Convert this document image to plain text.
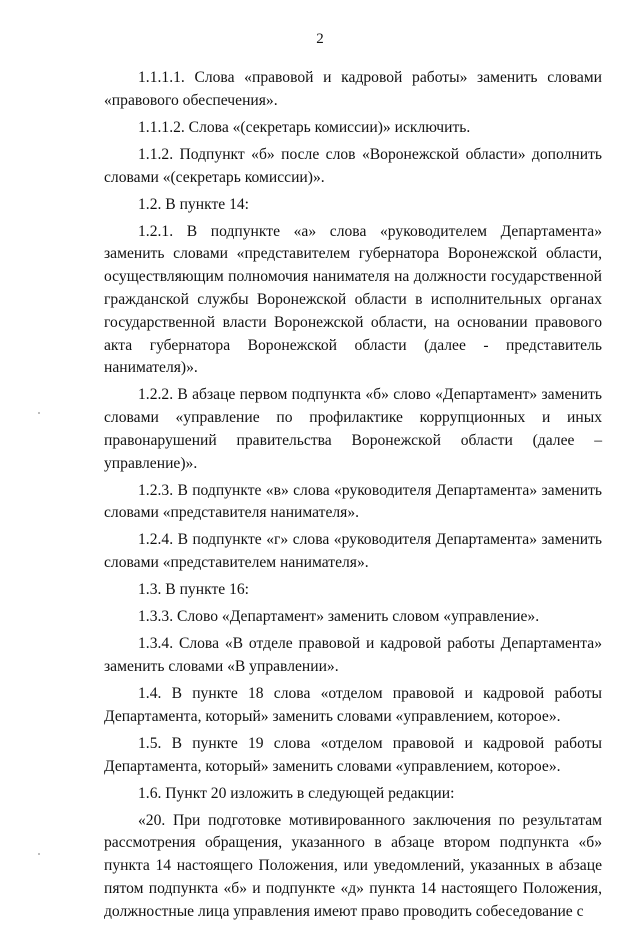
2

1.1.1.1. Слова «правовой и кадровой работы» заменить словами «правового обеспечения».

1.1.1.2. Слова «(секретарь комиссии)» исключить.

1.1.2. Подпункт «б» после слов «Воронежской области» дополнить словами «(секретарь комиссии)».

1.2. В пункте 14:

1.2.1. В подпункте «а» слова «руководителем Департамента» заменить словами «представителем губернатора Воронежской области, осуществляющим полномочия нанимателя на должности государственной гражданской службы Воронежской области в исполнительных органах государственной власти Воронежской области, на основании правового акта губернатора Воронежской области (далее - представитель нанимателя)».

1.2.2. В абзаце первом подпункта «б» слово «Департамент» заменить словами «управление по профилактике коррупционных и иных правонарушений правительства Воронежской области (далее – управление)».

1.2.3. В подпункте «в» слова «руководителя Департамента» заменить словами «представителя нанимателя».

1.2.4. В подпункте «г» слова «руководителя Департамента» заменить словами «представителем нанимателя».

1.3. В пункте 16:

1.3.3. Слово «Департамент» заменить словом «управление».

1.3.4. Слова «В отделе правовой и кадровой работы Департамента» заменить словами «В управлении».

1.4. В пункте 18 слова «отделом правовой и кадровой работы Департамента, который» заменить словами «управлением, которое».

1.5. В пункте 19 слова «отделом правовой и кадровой работы Департамента, который» заменить словами «управлением, которое».

1.6. Пункт 20 изложить в следующей редакции:

«20. При подготовке мотивированного заключения по результатам рассмотрения обращения, указанного в абзаце втором подпункта «б» пункта 14 настоящего Положения, или уведомлений, указанных в абзаце пятом подпункта «б» и подпункте «д» пункта 14 настоящего Положения, должностные лица управления имеют право проводить собеседование с
